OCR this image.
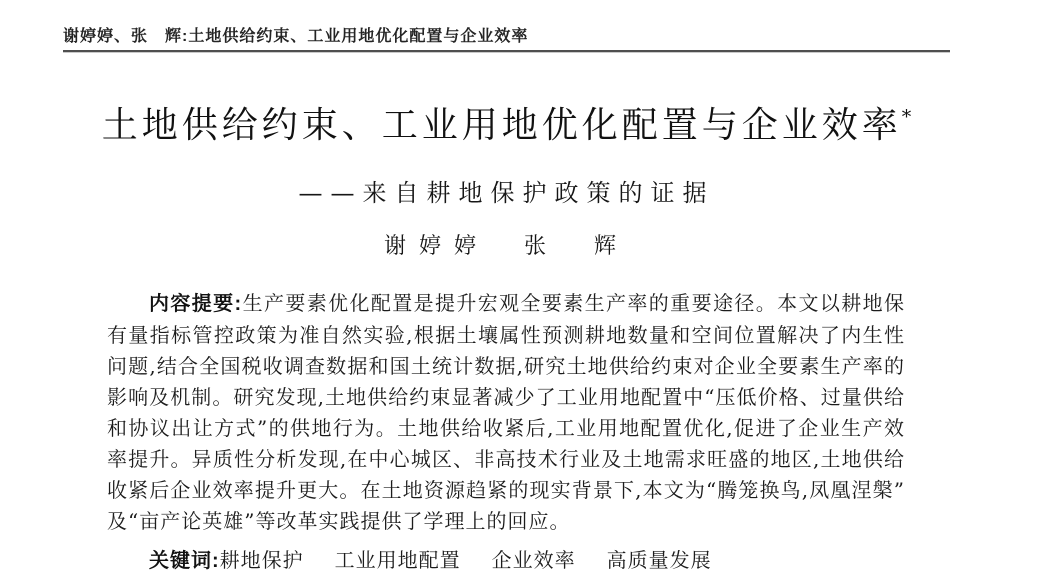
谢婷婷、张　辉:土地供给约束、工业用地优化配置与企业效率
土地供给约束、工业用地优化配置与企业效率*
——来自耕地保护政策的证据
谢婷婷　张　辉

内容提要:生产要素优化配置是提升宏观全要素生产率的重要途径。本文以耕地保有量指标管控政策为准自然实验,根据土壤属性预测耕地数量和空间位置解决了内生性问题,结合全国税收调查数据和国土统计数据,研究土地供给约束对企业全要素生产率的影响及机制。研究发现,土地供给约束显著减少了工业用地配置中“压低价格、过量供给和协议出让方式”的供地行为。土地供给收紧后,工业用地配置优化,促进了企业生产效率提升。异质性分析发现,在中心城区、非高技术行业及土地需求旺盛的地区,土地供给收紧后企业效率提升更大。在土地资源趋紧的现实背景下,本文为“腾笼换鸟,凤凰涅槃”及“亩产论英雄”等改革实践提供了学理上的回应。

关键词:耕地保护 工业用地配置 企业效率 高质量发展
